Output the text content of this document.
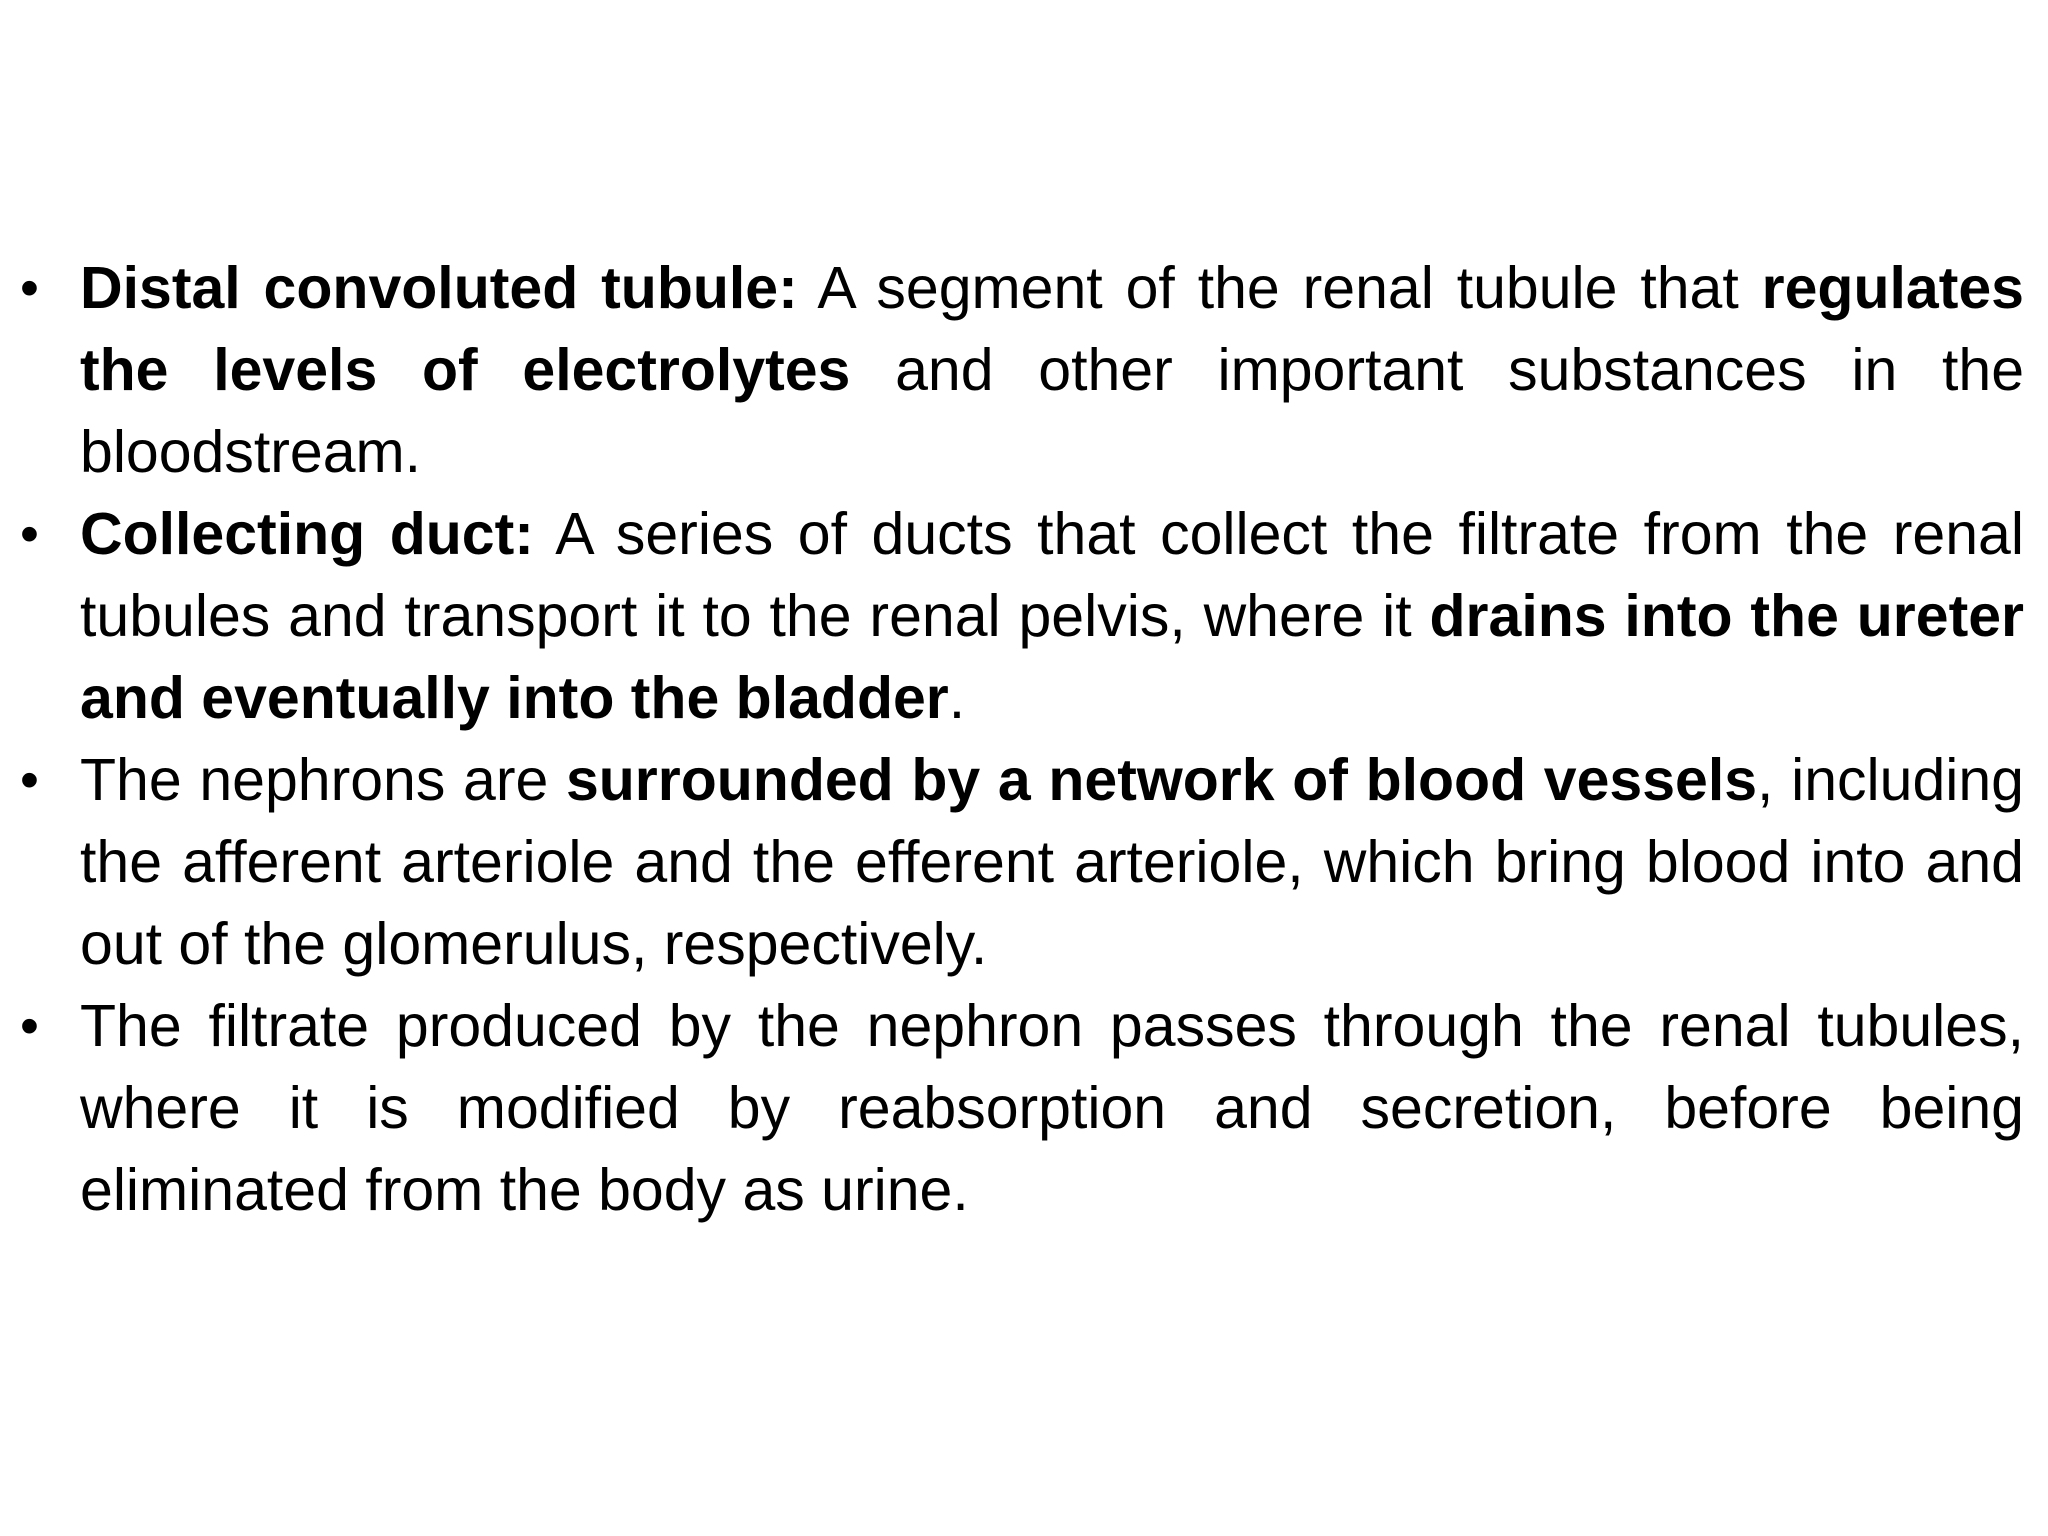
• Distal convoluted tubule: A segment of the renal tubule that regulates the levels of electrolytes and other important substances in the bloodstream.
• Collecting duct: A series of ducts that collect the filtrate from the renal tubules and transport it to the renal pelvis, where it drains into the ureter and eventually into the bladder.
• The nephrons are surrounded by a network of blood vessels, including the afferent arteriole and the efferent arteriole, which bring blood into and out of the glomerulus, respectively.
• The filtrate produced by the nephron passes through the renal tubules, where it is modified by reabsorption and secretion, before being eliminated from the body as urine.
